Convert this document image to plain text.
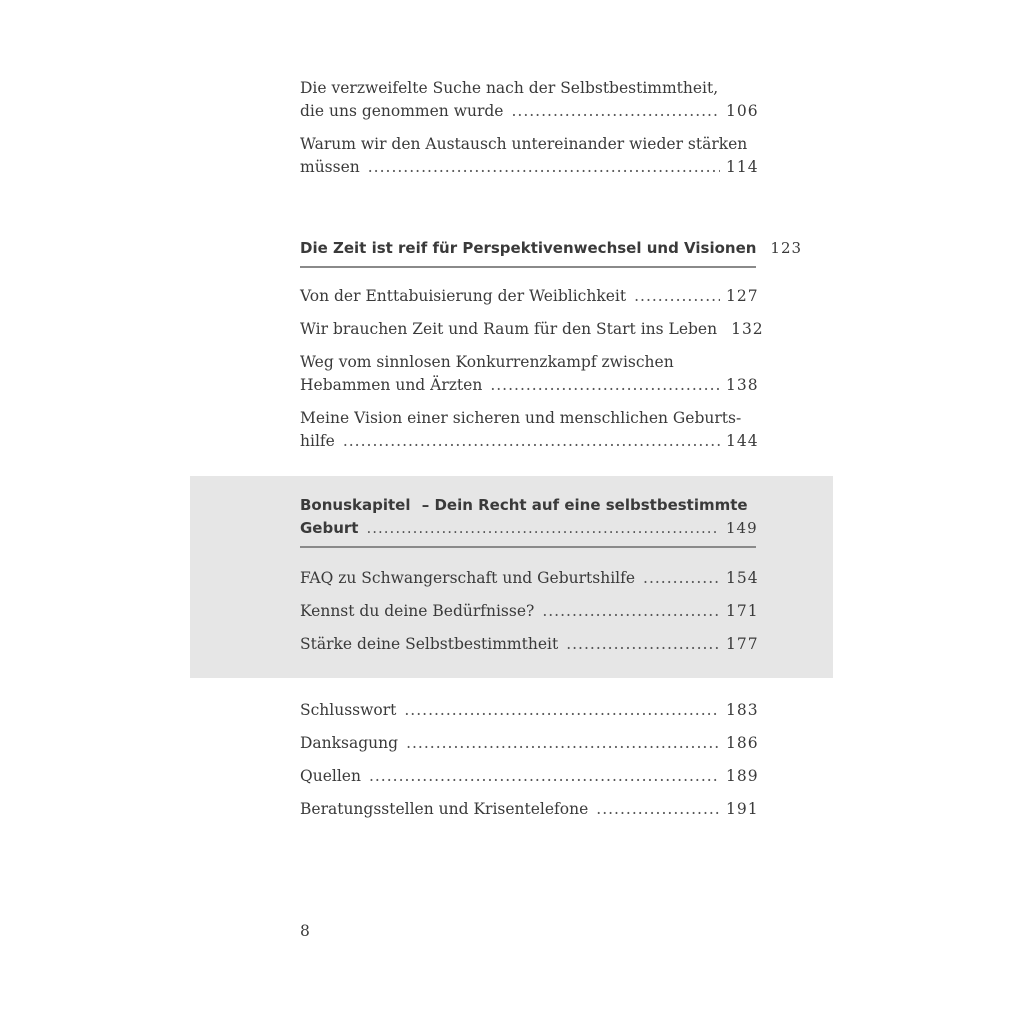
Die verzweifelte Suche nach der Selbstbestimmtheit,
die uns genommen wurde .....	106
Warum wir den Austausch untereinander wieder stärken
müssen .....	114
Die Zeit ist reif für Perspektivenwechsel und Visionen 123
Von der Enttabuisierung der Weiblichkeit .....	127
Wir brauchen Zeit und Raum für den Start ins Leben 132
Weg vom sinnlosen Konkurrenzkampf zwischen
Hebammen und Ärzten .....	138
Meine Vision einer sicheren und menschlichen Geburts-
hilfe .....	144
Bonuskapitel – Dein Recht auf eine selbstbestimmte
Geburt .....	149
FAQ zu Schwangerschaft und Geburtshilfe .....	154
Kennst du deine Bedürfnisse? .....	171
Stärke deine Selbstbestimmtheit .....	177
Schlusswort .....	183
Danksagung .....	186
Quellen .....	189
Beratungsstellen und Krisentelefone .....	191
8
